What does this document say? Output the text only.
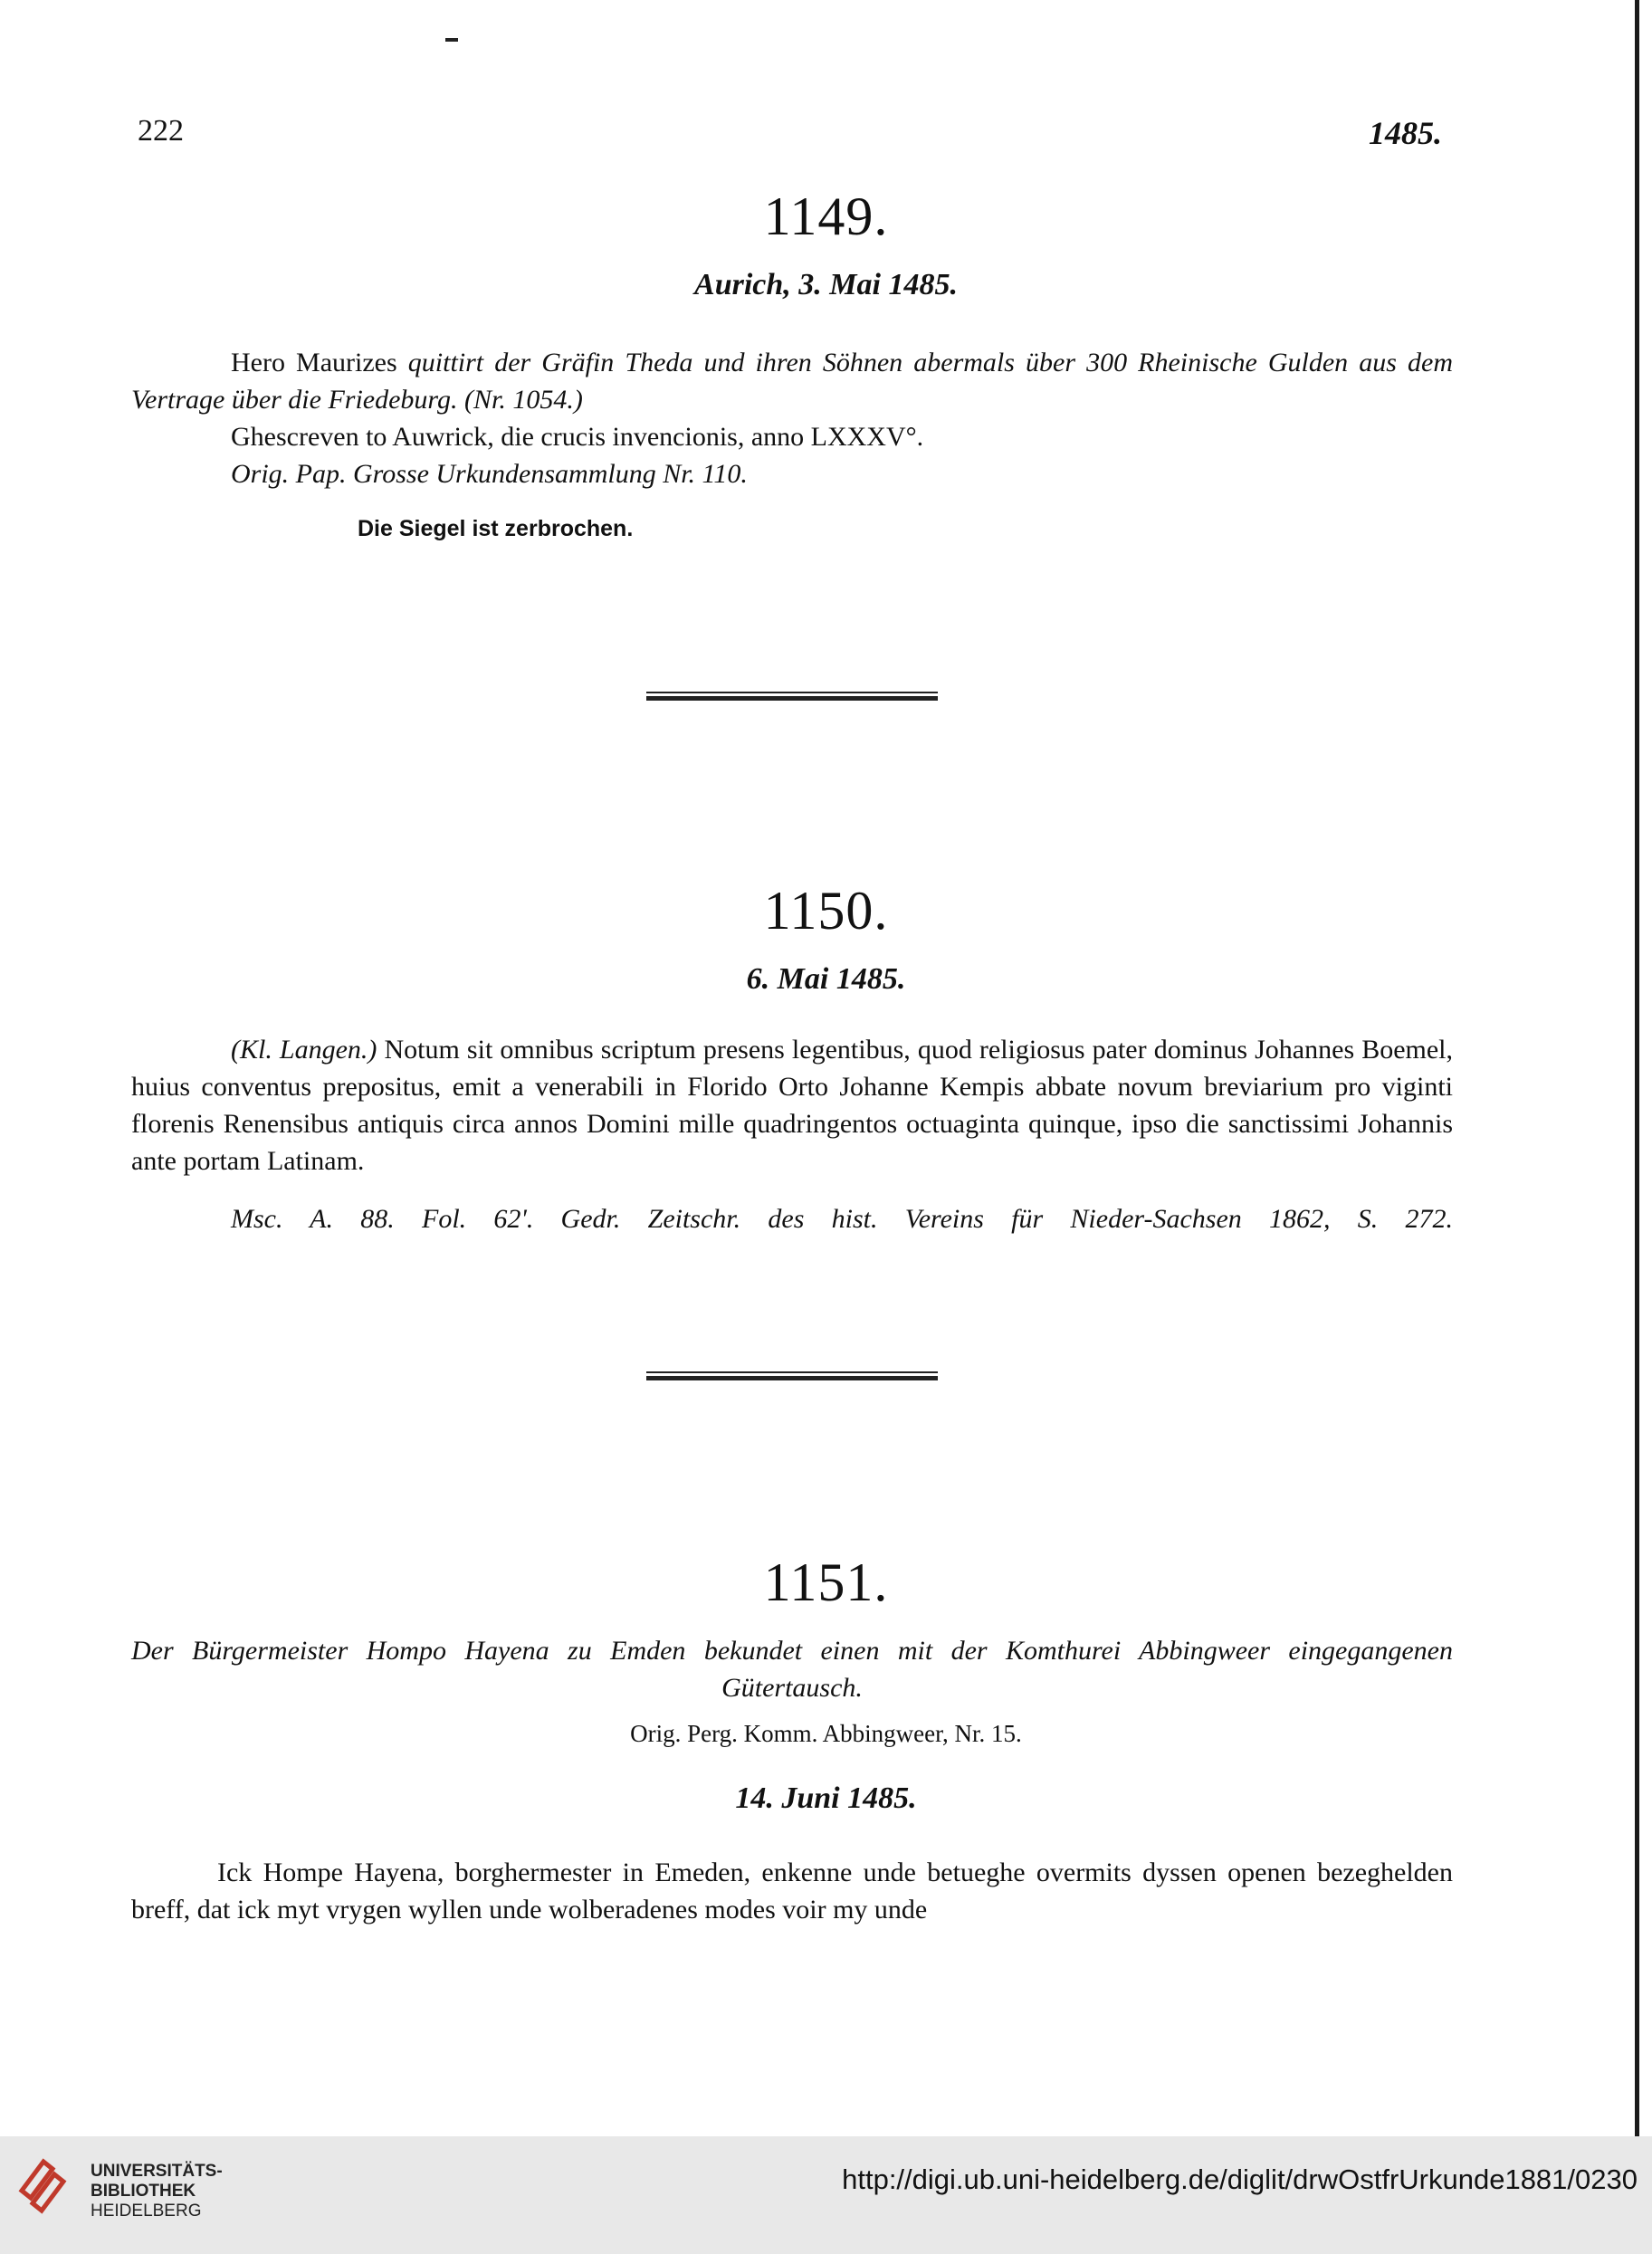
222	1485.
1149.
Aurich, 3. Mai 1485.
Hero Maurizes quittirt der Gräfin Theda und ihren Söhnen abermals über 300 Rheinische Gulden aus dem Vertrage über die Friedeburg. (Nr. 1054.)
Ghescreven to Auwrick, die crucis invencionis, anno LXXXV°.
Orig. Pap. Grosse Urkundensammlung Nr. 110.
Die Siegel ist zerbrochen.
1150.
6. Mai 1485.
(Kl. Langen.) Notum sit omnibus scriptum presens legentibus, quod religiosus pater dominus Johannes Boemel, huius conventus prepositus, emit a venerabili in Florido Orto Johanne Kempis abbate novum breviarium pro viginti florenis Renensibus antiquis circa annos Domini mille quadringentos octuaginta quinque, ipso die sanctissimi Johannis ante portam Latinam.
Msc. A. 88. Fol. 62'. Gedr. Zeitschr. des hist. Vereins für Nieder-Sachsen 1862, S. 272.
1151.
Der Bürgermeister Hompo Hayena zu Emden bekundet einen mit der Komthurei Abbingweer eingegangenen Gütertausch.
Orig. Perg. Komm. Abbingweer, Nr. 15.
14. Juni 1485.
Ick Hompe Hayena, borghermester in Emeden, enkenne unde betueghe overmits dyssen openen bezeghelden breff, dat ick myt vrygen wyllen unde wolberadenes modes voir my unde
UNIVERSITÄTS-
BIBLIOTHEK
HEIDELBERG
http://digi.ub.uni-heidelberg.de/diglit/drwOstfrUrkunde1881/0230
